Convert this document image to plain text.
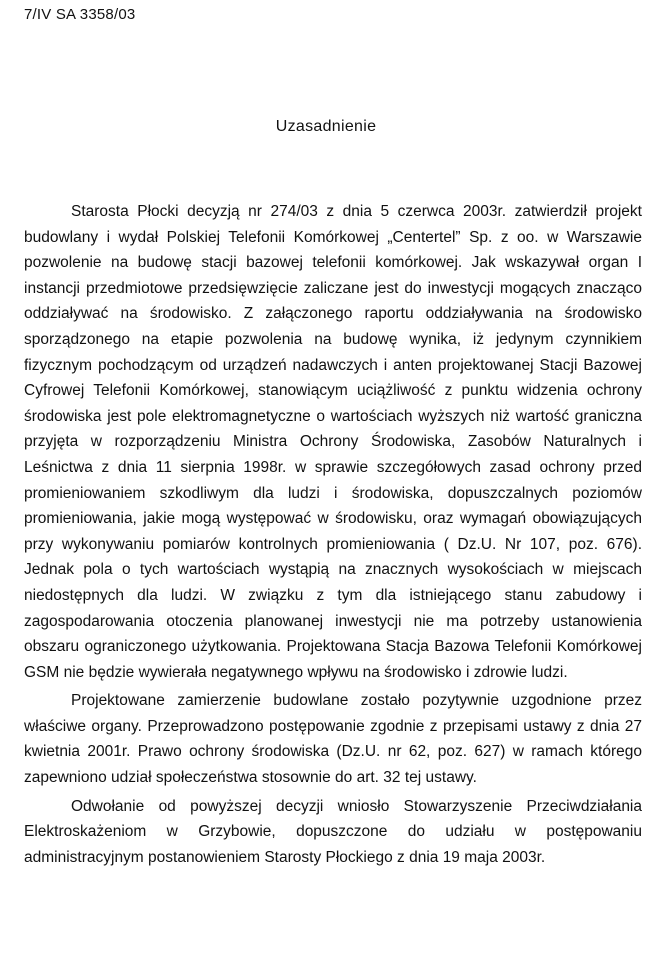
7/IV SA 3358/03
Uzasadnienie

Starosta Płocki decyzją nr 274/03 z dnia 5 czerwca 2003r. zatwierdził projekt budowlany i wydał Polskiej Telefonii Komórkowej „Centertel” Sp. z oo. w Warszawie pozwolenie na budowę stacji bazowej telefonii komórkowej. Jak wskazywał organ I instancji przedmiotowe przedsięwzięcie zaliczane jest do inwestycji mogących znacząco oddziaływać na środowisko. Z załączonego raportu oddziaływania na środowisko sporządzonego na etapie pozwolenia na budowę wynika, iż jedynym czynnikiem fizycznym pochodzącym od urządzeń nadawczych i anten projektowanej Stacji Bazowej Cyfrowej Telefonii Komórkowej, stanowiącym uciążliwość z punktu widzenia ochrony środowiska jest pole elektromagnetyczne o wartościach wyższych niż wartość graniczna przyjęta w rozporządzeniu Ministra Ochrony Środowiska, Zasobów Naturalnych i Leśnictwa z dnia 11 sierpnia 1998r. w sprawie szczegółowych zasad ochrony przed promieniowaniem szkodliwym dla ludzi i środowiska, dopuszczalnych poziomów promieniowania, jakie mogą występować w środowisku, oraz wymagań obowiązujących przy wykonywaniu pomiarów kontrolnych promieniowania ( Dz.U. Nr 107, poz. 676). Jednak pola o tych wartościach wystąpią na znacznych wysokościach w miejscach niedostępnych dla ludzi. W związku z tym dla istniejącego stanu zabudowy i zagospodarowania otoczenia planowanej inwestycji nie ma potrzeby ustanowienia obszaru ograniczonego użytkowania. Projektowana Stacja Bazowa Telefonii Komórkowej GSM nie będzie wywierała negatywnego wpływu na środowisko i zdrowie ludzi.

Projektowane zamierzenie budowlane zostało pozytywnie uzgodnione przez właściwe organy. Przeprowadzono postępowanie zgodnie z przepisami ustawy z dnia 27 kwietnia 2001r. Prawo ochrony środowiska (Dz.U. nr 62, poz. 627) w ramach którego zapewniono udział społeczeństwa stosownie do art. 32 tej ustawy.

Odwołanie od powyższej decyzji wniosło Stowarzyszenie Przeciwdziałania Elektroskażeniom w Grzybowie, dopuszczone do udziału w postępowaniu administracyjnym postanowieniem Starosty Płockiego z dnia 19 maja 2003r.
